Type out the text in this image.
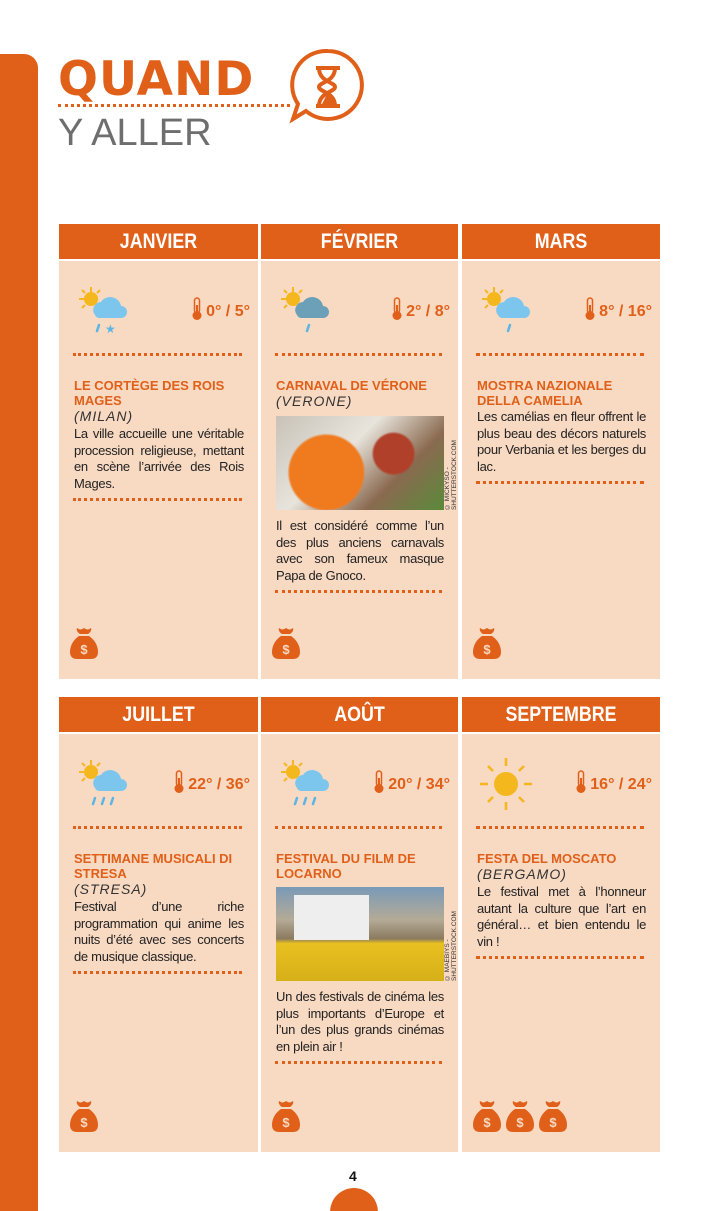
QUAND
Y ALLER
JANVIER
★
0° / 5°
LE CORTÈGE DES ROIS MAGES
(MILAN)
La ville accueille une véritable procession religieuse, mettant en scène l’arrivée des Rois Mages.
$
FÉVRIER
2° / 8°
CARNAVAL DE VÉRONE
(VERONE)
© MICKYSO - SHUTTERSTOCK.COM
Il est considéré comme l’un des plus anciens carnavals avec son fameux masque Papa de Gnoco.
$
MARS
8° / 16°
MOSTRA NAZIONALE DELLA CAMELIA
Les camélias en fleur offrent le plus beau des décors naturels pour Verbania et les berges du lac.
$
JUILLET
22° / 36°
SETTIMANE MUSICALI DI STRESA
(STRESA)
Festival d’une riche programmation qui anime les nuits d’été avec ses concerts de musique classique.
$
AOÛT
20° / 34°
FESTIVAL DU FILM DE LOCARNO
© MAEBIYS - SHUTTERSTOCK.COM
Un des festivals de cinéma les plus importants d’Europe et l’un des plus grands cinémas en plein air !
$
SEPTEMBRE
16° / 24°
FESTA DEL MOSCATO
(BERGAMO)
Le festival met à l’honneur autant la culture que l’art en général… et bien entendu le vin !
$ $ $
4
